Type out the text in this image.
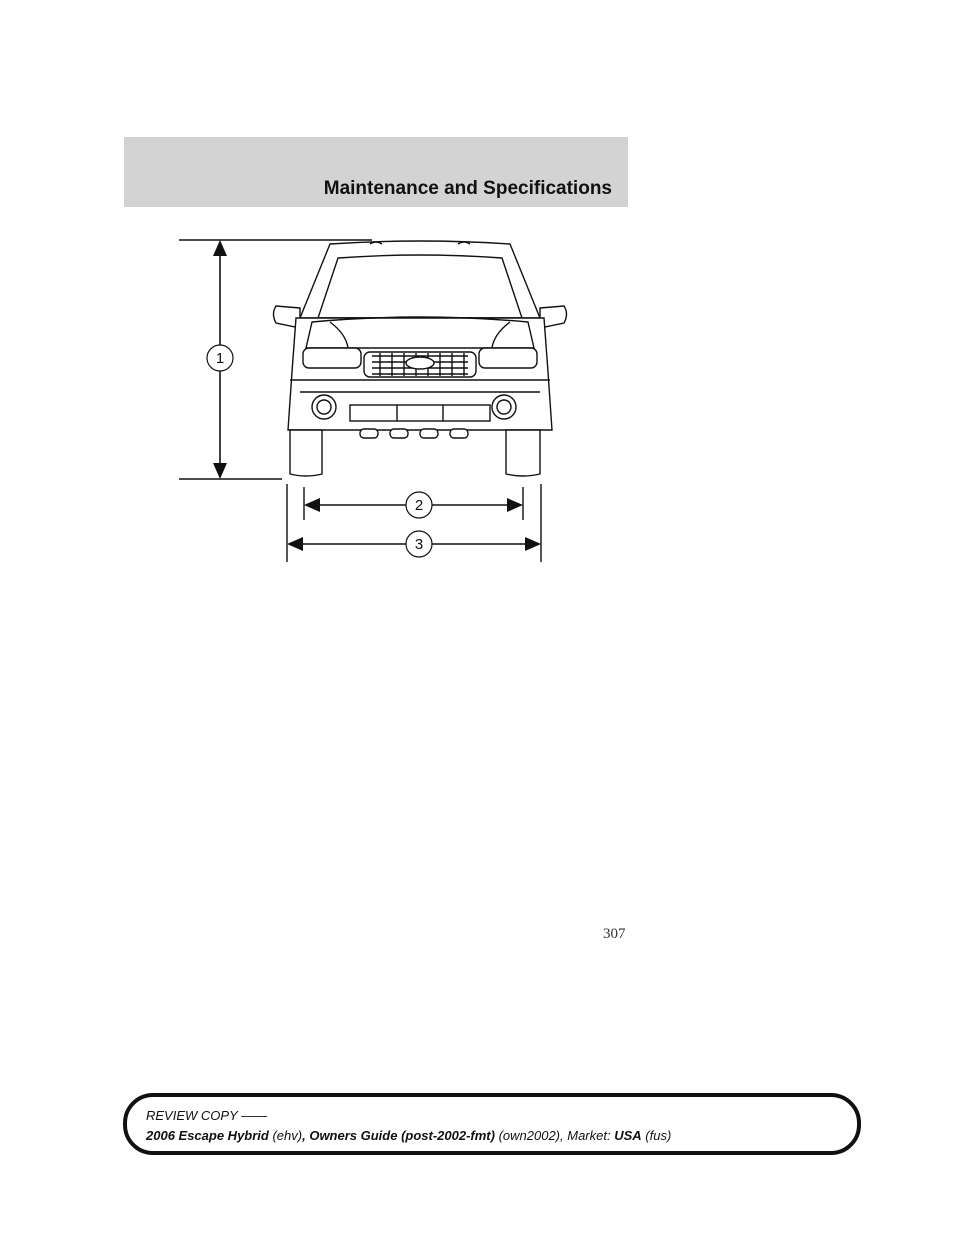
Maintenance and Specifications
1
2
3
307
REVIEW COPY ——
2006 Escape Hybrid (ehv), Owners Guide (post-2002-fmt) (own2002), Market: USA (fus)
